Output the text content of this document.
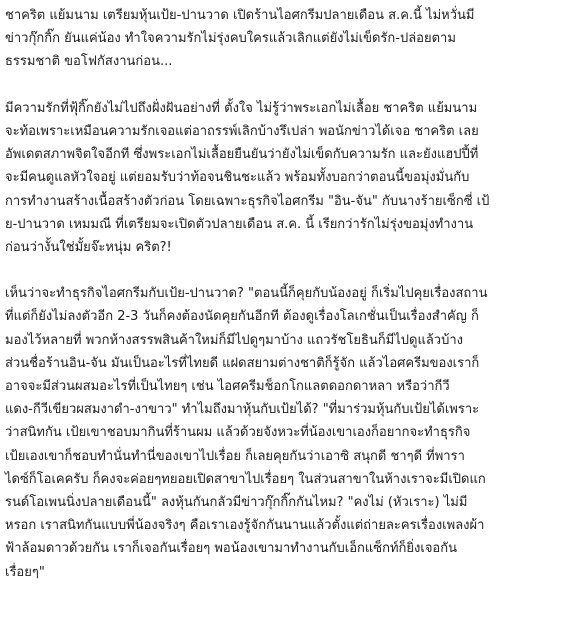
ชาคริต แย้มนาม เตรียมหุ้นเป้ย-ปานวาด เปิดร้านไอศกรีมปลายเดือน ส.ค.นี้ ไม่หวั่นมี
ข่าวกุ๊กกิ๊ก ยันแค่น้อง ทำใจความรักไม่รุ่งคบใครแล้วเลิกแต่ยังไม่เข็ดรัก-ปล่อยตาม
ธรรมชาติ ขอโฟกัสงานก่อน...

มีความรักที่ฟุ้กิ๊กยังไม่ไปถึงฝั่งฝันอย่างที่ ตั้งใจ ไม่รู้ว่าพระเอกไม่เลื้อย ชาคริต แย้มนาม
จะท้อเพราะเหมือนความรักเจอแต่อาถรรพ์เลิกบ้างรึเปล่า พอนักข่าวได้เจอ ชาคริต เลย
อัพเดตสภาพจิตใจอีกที ซึ่งพระเอกไม่เลื้อยยืนยันว่ายังไม่เข็ดกับความรัก และยังแฮปปี้ที่
จะมีคนดูแลหัวใจอยู่ แต่ยอมรับว่าท้อจนชินชะแล้ว พร้อมทั้งบอกว่าตอนนี้ขอมุ่งมั่นกับ
การทำงานสร้างเนื้อสร้างตัวก่อน โดยเฉพาะธุรกิจไอศกรีม "อิน-จัน" กับนางร้ายเซ็กซี่ เป้
ย-ปานวาด เหมมณี ที่เตรียมจะเปิดตัวปลายเดือน ส.ค. นี้ เรียกว่ารักไม่รุ่งขอมุ่งทำงาน
ก่อนว่างั้นใช่มั้ยจ๊ะหนุ่ม คริต?!

เห็นว่าจะทำธุรกิจไอศกรีมกับเป้ย-ปานวาด? "ตอนนี้ก็คุยกับน้องอยู่ ก็เริ่มไปคุยเรื่องสถาน
ที่แต่ก็ยังไม่ลงตัวอีก 2-3 วันก็คงต้องนัดคุยกันอีกที ต้องดูเรื่องโลเกชั่นเป็นเรื่องสำคัญ ก็
มองไว้หลายที่ พวกห้างสรรพสินค้าใหม่ก็มีไปดูๆมาบ้าง แถวรัชโยธินก็มีไปดูแล้วบ้าง
ส่วนชื่อร้านอิน-จัน มันเป็นอะไรที่ไทยดี แฝดสยามต่างชาติก็รู้จัก แล้วไอศครีมของเราก็
อาจจะมีส่วนผสมอะไรที่เป็นไทยๆ เช่น ไอศครีมช็อกโกแลตดอกดาหลา หรือว่ากีวี
แดง-กีวีเขียวผสมงาดำ-งาขาว" ทำไมถึงมาหุ้นกับเป้ยได้? "ที่มาร่วมหุ้นกับเป้ยได้เพราะ
ว่าสนิทกัน เป้ยเขาชอบมากินที่ร้านผม แล้วด้วยจังหวะที่น้องเขาเองก็อยากจะทำธุรกิจ
เป้ยเองเขาก็ชอบทำนั่นทำนี่ของเขาไปเรื่อย ก็เลยคุยกันว่าเอาซิ สนุกดี ชาๆดี ที่พารา
ไดซ์ก็โอเคครับ ก็คงจะค่อยๆทยอยเปิดสาขาไปเรื่อยๆ ในส่วนสาขาในห้างเราจะมีเปิดแก
รนด์โอเพนนิ่งปลายเดือนนี้" ลงหุ้นกันกลัวมีข่าวกุ๊กกิ๊กกันไหม? "คงไม่ (หัวเราะ) ไม่มี
หรอก เราสนิทกันแบบพี่น้องจริงๆ คือเราเองรู้จักกันนานแล้วตั้งแต่ถ่ายละครเรื่องเพลงผ้า
ฟ้าล้อมดาวด้วยกัน เราก็เจอกันเรื่อยๆ พอน้องเขามาทำงานกับเอ็กแซ็กท์ก็ยิ่งเจอกัน
เรื่อยๆ"
